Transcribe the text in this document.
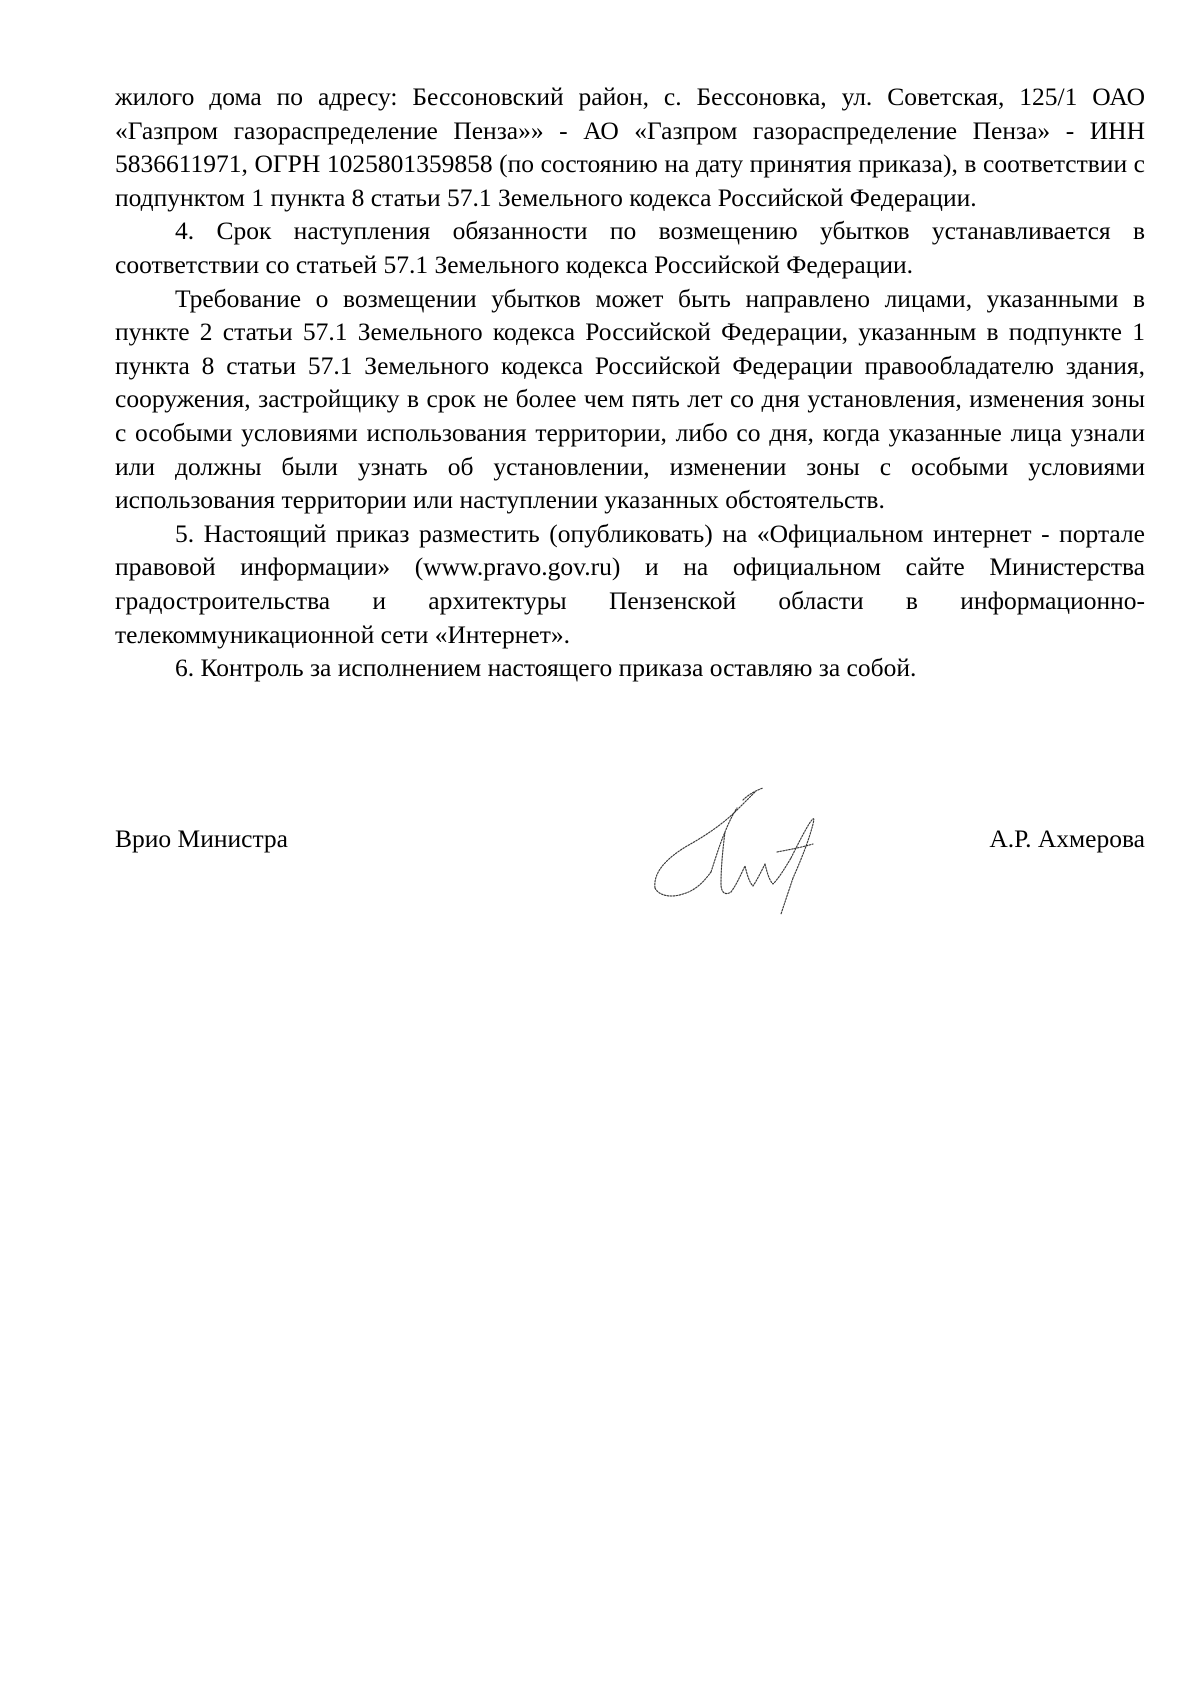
жилого дома по адресу: Бессоновский район, с. Бессоновка, ул. Советская, 125/1 ОАО «Газпром газораспределение Пенза»» - АО «Газпром газораспределение Пенза» - ИНН 5836611971, ОГРН 1025801359858 (по состоянию на дату принятия приказа), в соответствии с подпунктом 1 пункта 8 статьи 57.1 Земельного кодекса Российской Федерации.

4. Срок наступления обязанности по возмещению убытков устанавливается в соответствии со статьей 57.1 Земельного кодекса Российской Федерации.

Требование о возмещении убытков может быть направлено лицами, указанными в пункте 2 статьи 57.1 Земельного кодекса Российской Федерации, указанным в подпункте 1 пункта 8 статьи 57.1 Земельного кодекса Российской Федерации правообладателю здания, сооружения, застройщику в срок не более чем пять лет со дня установления, изменения зоны с особыми условиями использования территории, либо со дня, когда указанные лица узнали или должны были узнать об установлении, изменении зоны с особыми условиями использования территории или наступлении указанных обстоятельств.

5. Настоящий приказ разместить (опубликовать) на «Официальном интернет - портале правовой информации» (www.pravo.gov.ru) и на официальном сайте Министерства градостроительства и архитектуры Пензенской области в информационно-телекоммуникационной сети «Интернет».

6. Контроль за исполнением настоящего приказа оставляю за собой.

Врио Министра	А.Р. Ахмерова
